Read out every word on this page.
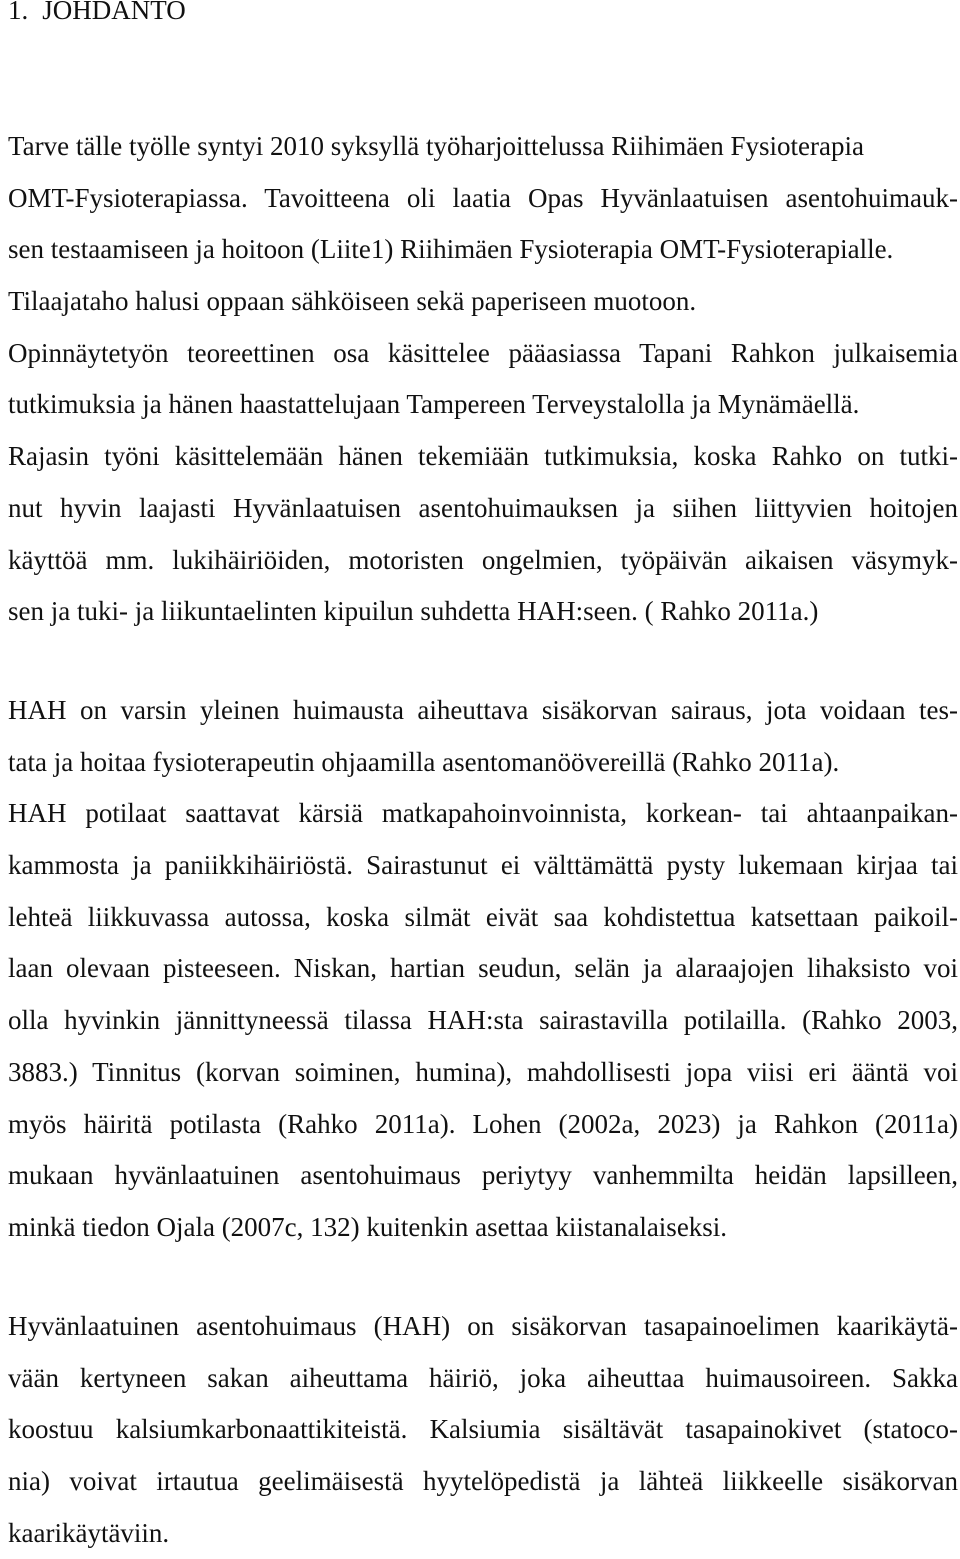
1. JOHDANTO
Tarve tälle työlle syntyi 2010 syksyllä työharjoittelussa Riihimäen Fysioterapia
OMT-Fysioterapiassa. Tavoitteena oli laatia Opas Hyvänlaatuisen asentohuimauk-
sen testaamiseen ja hoitoon (Liite1) Riihimäen Fysioterapia OMT-Fysioterapialle.
Tilaajataho halusi oppaan sähköiseen sekä paperiseen muotoon.
Opinnäytetyön teoreettinen osa käsittelee pääasiassa Tapani Rahkon julkaisemia
tutkimuksia ja hänen haastattelujaan Tampereen Terveystalolla ja Mynämäellä.
Rajasin työni käsittelemään hänen tekemiään tutkimuksia, koska Rahko on tutki-
nut hyvin laajasti Hyvänlaatuisen asentohuimauksen ja siihen liittyvien hoitojen
käyttöä mm. lukihäiriöiden, motoristen ongelmien, työpäivän aikaisen väsymyk-
sen ja tuki- ja liikuntaelinten kipuilun suhdetta HAH:seen. ( Rahko 2011a.)
HAH on varsin yleinen huimausta aiheuttava sisäkorvan sairaus, jota voidaan tes-
tata ja hoitaa fysioterapeutin ohjaamilla asentomanöövereillä (Rahko 2011a).
HAH potilaat saattavat kärsiä matkapahoinvoinnista, korkean- tai ahtaanpaikan-
kammosta ja paniikkihäiriöstä. Sairastunut ei välttämättä pysty lukemaan kirjaa tai
lehteä liikkuvassa autossa, koska silmät eivät saa kohdistettua katsettaan paikoil-
laan olevaan pisteeseen. Niskan, hartian seudun, selän ja alaraajojen lihaksisto voi
olla hyvinkin jännittyneessä tilassa HAH:sta sairastavilla potilailla. (Rahko 2003,
3883.) Tinnitus (korvan soiminen, humina), mahdollisesti jopa viisi eri ääntä voi
myös häiritä potilasta (Rahko 2011a). Lohen (2002a, 2023) ja Rahkon (2011a)
mukaan hyvänlaatuinen asentohuimaus periytyy vanhemmilta heidän lapsilleen,
minkä tiedon Ojala (2007c, 132) kuitenkin asettaa kiistanalaiseksi.
Hyvänlaatuinen asentohuimaus (HAH) on sisäkorvan tasapainoelimen kaarikäytä-
vään kertyneen sakan aiheuttama häiriö, joka aiheuttaa huimausoireen. Sakka
koostuu kalsiumkarbonaattikiteistä. Kalsiumia sisältävät tasapainokivet (statoco-
nia) voivat irtautua geelimäisestä hyytelöpedistä ja lähteä liikkeelle sisäkorvan
kaarikäytäviin.
